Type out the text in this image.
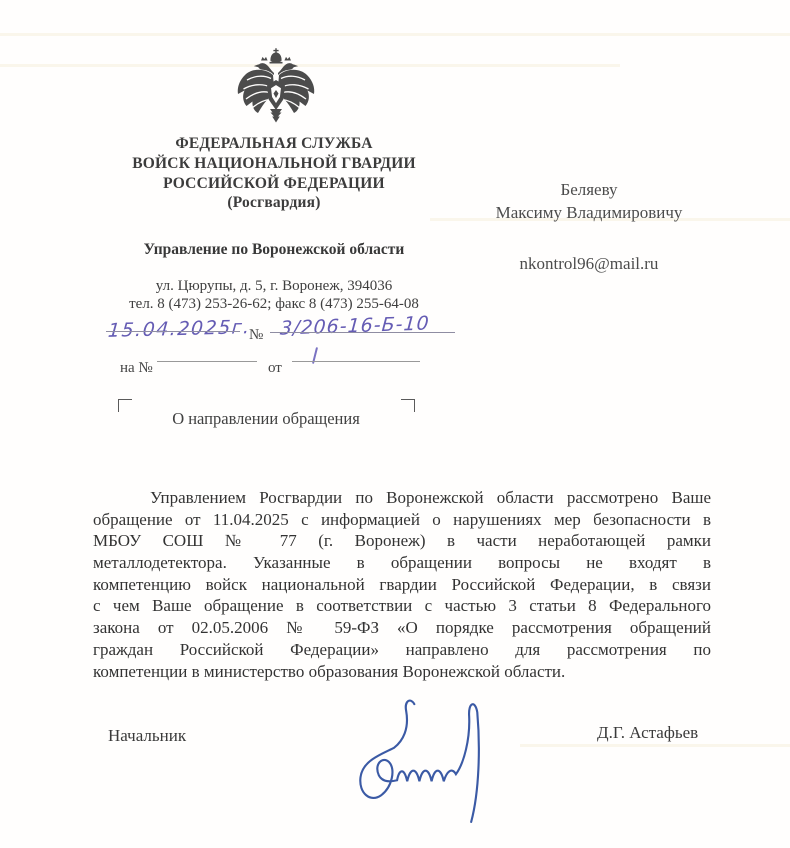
ФЕДЕРАЛЬНАЯ СЛУЖБА
ВОЙСК НАЦИОНАЛЬНОЙ ГВАРДИИ
РОССИЙСКОЙ ФЕДЕРАЦИИ
(Росгвардия)
Управление по Воронежской области
ул. Цюрупы, д. 5, г. Воронеж, 394036
тел. 8 (473) 253-26-62; факс 8 (473) 255-64-08
15.04.2025г.
№ 3/206-16-Б-10
на №	от
О направлении обращения
Беляеву
Максиму Владимировичу
nkontrol96@mail.ru
Управлением Росгвардии по Воронежской области рассмотрено Ваше
обращение от 11.04.2025 с информацией о нарушениях мер безопасности в
МБОУ СОШ № 77 (г. Воронеж) в части неработающей рамки
металлодетектора. Указанные в обращении вопросы не входят в
компетенцию войск национальной гвардии Российской Федерации, в связи
с чем Ваше обращение в соответствии с частью 3 статьи 8 Федерального
закона от 02.05.2006 № 59-ФЗ «О порядке рассмотрения обращений
граждан Российской Федерации» направлено для рассмотрения по
компетенции в министерство образования Воронежской области.
Начальник	Д.Г. Астафьев
